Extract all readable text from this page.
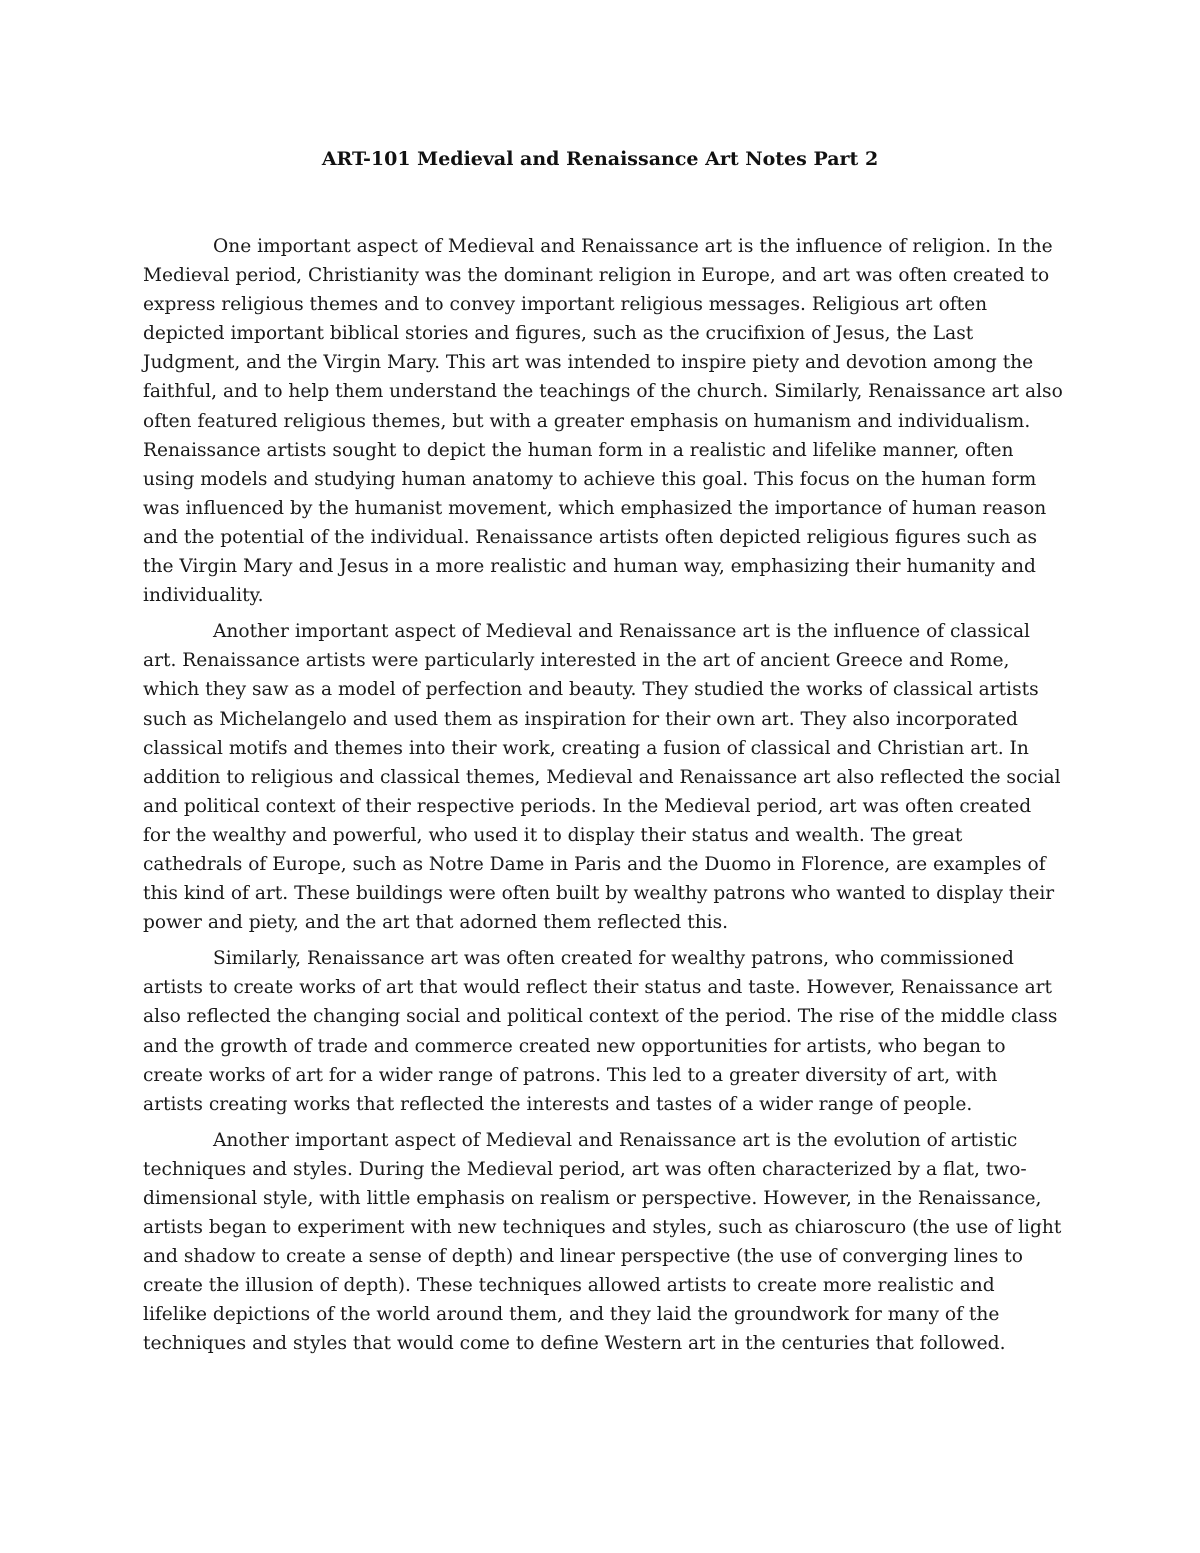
ART-101 Medieval and Renaissance Art Notes Part 2

One important aspect of Medieval and Renaissance art is the influence of religion. In the Medieval period, Christianity was the dominant religion in Europe, and art was often created to express religious themes and to convey important religious messages. Religious art often depicted important biblical stories and figures, such as the crucifixion of Jesus, the Last Judgment, and the Virgin Mary. This art was intended to inspire piety and devotion among the faithful, and to help them understand the teachings of the church. Similarly, Renaissance art also often featured religious themes, but with a greater emphasis on humanism and individualism. Renaissance artists sought to depict the human form in a realistic and lifelike manner, often using models and studying human anatomy to achieve this goal. This focus on the human form was influenced by the humanist movement, which emphasized the importance of human reason and the potential of the individual. Renaissance artists often depicted religious figures such as the Virgin Mary and Jesus in a more realistic and human way, emphasizing their humanity and individuality.

Another important aspect of Medieval and Renaissance art is the influence of classical art. Renaissance artists were particularly interested in the art of ancient Greece and Rome, which they saw as a model of perfection and beauty. They studied the works of classical artists such as Michelangelo and used them as inspiration for their own art. They also incorporated classical motifs and themes into their work, creating a fusion of classical and Christian art. In addition to religious and classical themes, Medieval and Renaissance art also reflected the social and political context of their respective periods. In the Medieval period, art was often created for the wealthy and powerful, who used it to display their status and wealth. The great cathedrals of Europe, such as Notre Dame in Paris and the Duomo in Florence, are examples of this kind of art. These buildings were often built by wealthy patrons who wanted to display their power and piety, and the art that adorned them reflected this.

Similarly, Renaissance art was often created for wealthy patrons, who commissioned artists to create works of art that would reflect their status and taste. However, Renaissance art also reflected the changing social and political context of the period. The rise of the middle class and the growth of trade and commerce created new opportunities for artists, who began to create works of art for a wider range of patrons. This led to a greater diversity of art, with artists creating works that reflected the interests and tastes of a wider range of people.

Another important aspect of Medieval and Renaissance art is the evolution of artistic techniques and styles. During the Medieval period, art was often characterized by a flat, two-dimensional style, with little emphasis on realism or perspective. However, in the Renaissance, artists began to experiment with new techniques and styles, such as chiaroscuro (the use of light and shadow to create a sense of depth) and linear perspective (the use of converging lines to create the illusion of depth). These techniques allowed artists to create more realistic and lifelike depictions of the world around them, and they laid the groundwork for many of the techniques and styles that would come to define Western art in the centuries that followed.
